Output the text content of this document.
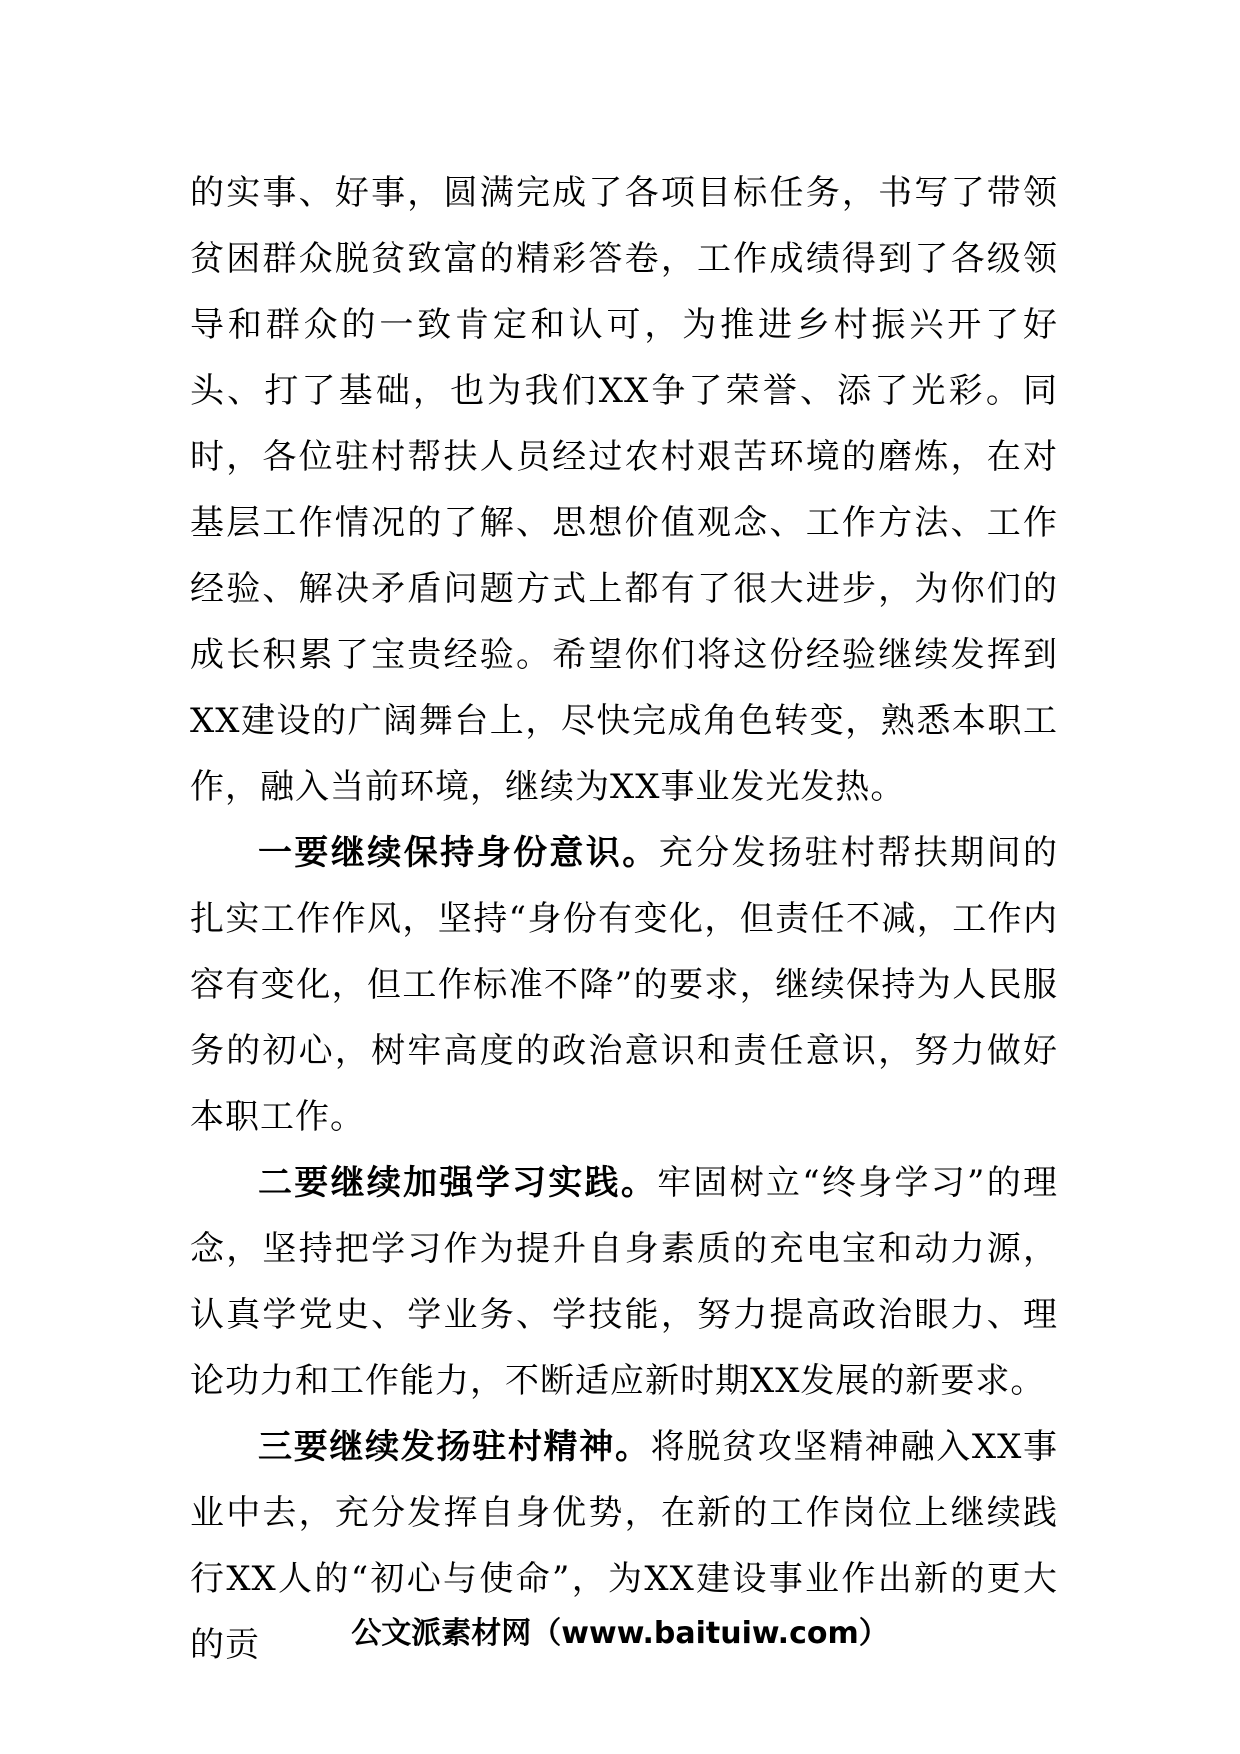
的实事、好事，圆满完成了各项目标任务，书写了带领贫困群众脱贫致富的精彩答卷，工作成绩得到了各级领导和群众的一致肯定和认可，为推进乡村振兴开了好头、打了基础，也为我们XX争了荣誉、添了光彩。同时，各位驻村帮扶人员经过农村艰苦环境的磨炼，在对基层工作情况的了解、思想价值观念、工作方法、工作经验、解决矛盾问题方式上都有了很大进步，为你们的成长积累了宝贵经验。希望你们将这份经验继续发挥到XX建设的广阔舞台上，尽快完成角色转变，熟悉本职工作，融入当前环境，继续为XX事业发光发热。

一要继续保持身份意识。充分发扬驻村帮扶期间的扎实工作作风，坚持“身份有变化，但责任不减，工作内容有变化，但工作标准不降”的要求，继续保持为人民服务的初心，树牢高度的政治意识和责任意识，努力做好本职工作。

二要继续加强学习实践。牢固树立“终身学习”的理念，坚持把学习作为提升自身素质的充电宝和动力源，认真学党史、学业务、学技能，努力提高政治眼力、理论功力和工作能力，不断适应新时期XX发展的新要求。

三要继续发扬驻村精神。将脱贫攻坚精神融入XX事业中去，充分发挥自身优势，在新的工作岗位上继续践行XX人的“初心与使命”，为XX建设事业作出新的更大的贡	公文派素材网（www.baituiw.com）
